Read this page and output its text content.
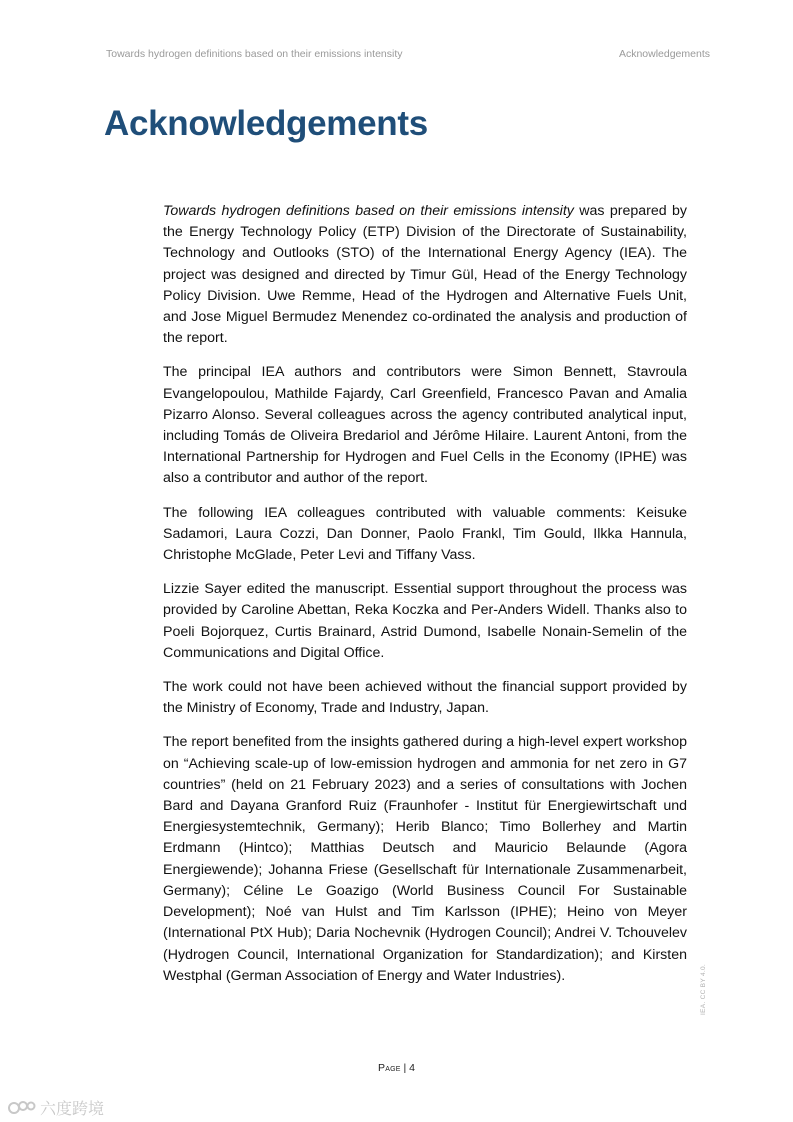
Towards hydrogen definitions based on their emissions intensity	Acknowledgements
Acknowledgements

Towards hydrogen definitions based on their emissions intensity was prepared by the Energy Technology Policy (ETP) Division of the Directorate of Sustainability, Technology and Outlooks (STO) of the International Energy Agency (IEA). The project was designed and directed by Timur Gül, Head of the Energy Technology Policy Division. Uwe Remme, Head of the Hydrogen and Alternative Fuels Unit, and Jose Miguel Bermudez Menendez co-ordinated the analysis and production of the report.

The principal IEA authors and contributors were Simon Bennett, Stavroula Evangelopoulou, Mathilde Fajardy, Carl Greenfield, Francesco Pavan and Amalia Pizarro Alonso. Several colleagues across the agency contributed analytical input, including Tomás de Oliveira Bredariol and Jérôme Hilaire. Laurent Antoni, from the International Partnership for Hydrogen and Fuel Cells in the Economy (IPHE) was also a contributor and author of the report.

The following IEA colleagues contributed with valuable comments: Keisuke Sadamori, Laura Cozzi, Dan Donner, Paolo Frankl, Tim Gould, Ilkka Hannula, Christophe McGlade, Peter Levi and Tiffany Vass.

Lizzie Sayer edited the manuscript. Essential support throughout the process was provided by Caroline Abettan, Reka Koczka and Per-Anders Widell. Thanks also to Poeli Bojorquez, Curtis Brainard, Astrid Dumond, Isabelle Nonain-Semelin of the Communications and Digital Office.

The work could not have been achieved without the financial support provided by the Ministry of Economy, Trade and Industry, Japan.

The report benefited from the insights gathered during a high-level expert workshop on “Achieving scale-up of low-emission hydrogen and ammonia for net zero in G7 countries” (held on 21 February 2023) and a series of consultations with Jochen Bard and Dayana Granford Ruiz (Fraunhofer - Institut für Energiewirtschaft und Energiesystemtechnik, Germany); Herib Blanco; Timo Bollerhey and Martin Erdmann (Hintco); Matthias Deutsch and Mauricio Belaunde (Agora Energiewende); Johanna Friese (Gesellschaft für Internationale Zusammenarbeit, Germany); Céline Le Goazigo (World Business Council For Sustainable Development); Noé van Hulst and Tim Karlsson (IPHE); Heino von Meyer (International PtX Hub); Daria Nochevnik (Hydrogen Council); Andrei V. Tchouvelev (Hydrogen Council, International Organization for Standardization); and Kirsten Westphal (German Association of Energy and Water Industries).

Page | 4
IEA. CC BY 4.0.
六度跨境
